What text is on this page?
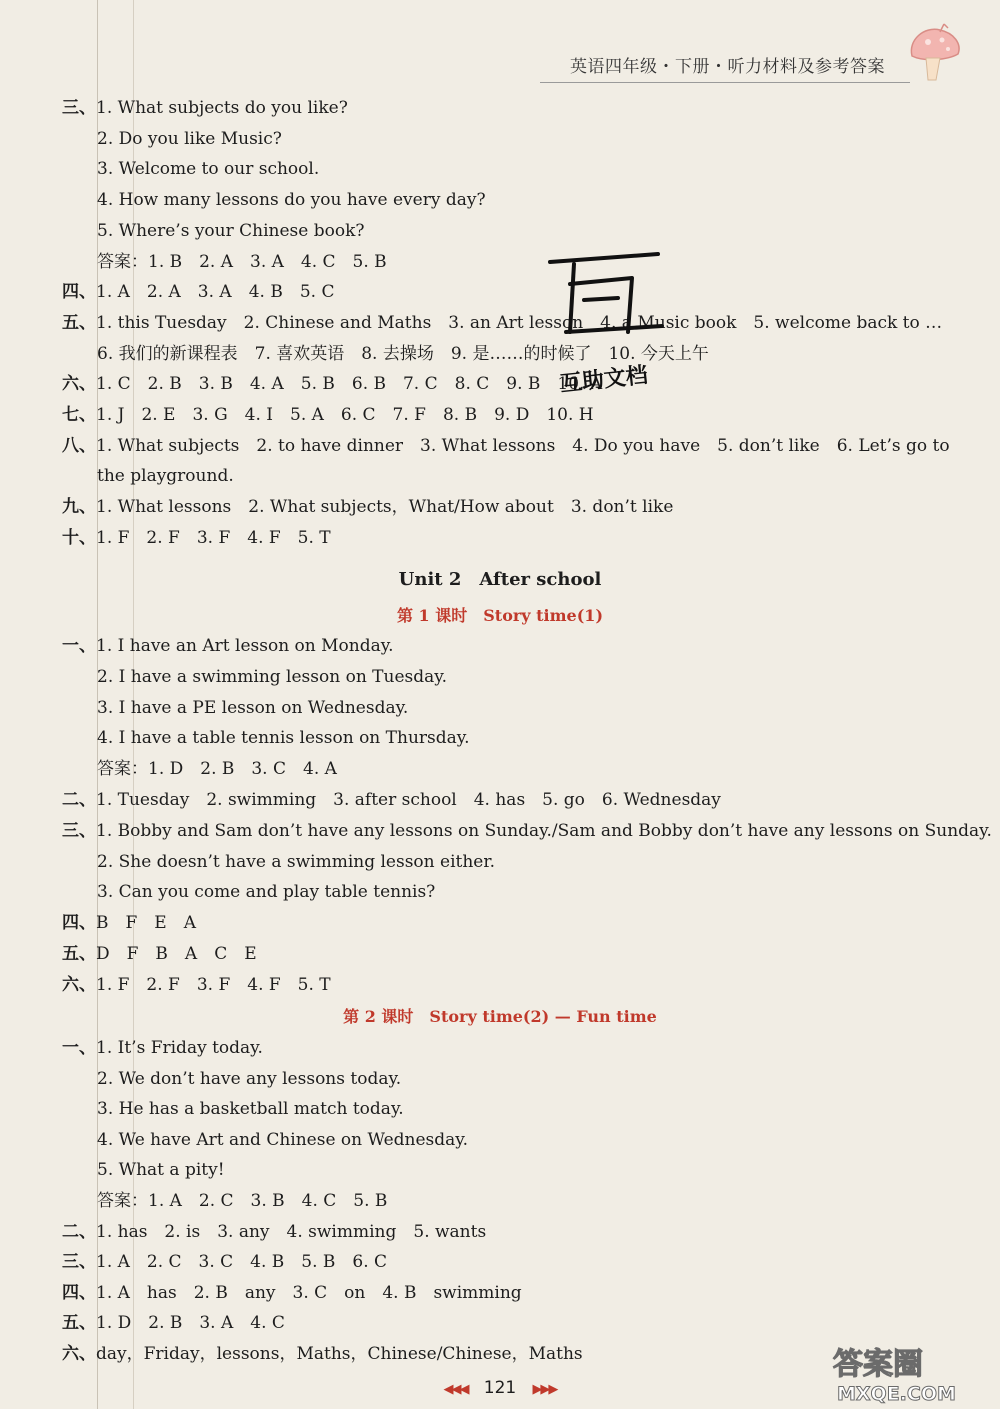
英语四年级・下册・听力材料及参考答案
三、1. What subjects do you like?
2. Do you like Music?
3. Welcome to our school.
4. How many lessons do you have every day?
5. Where’s your Chinese book?
答案：1. B　2. A　3. A　4. C　5. B
四、1. A　2. A　3. A　4. B　5. C
五、1. this Tuesday　2. Chinese and Maths　3. an Art lesson　4. a Music book　5. welcome back to …
6. 我们的新课程表　7. 喜欢英语　8. 去操场　9. 是……的时候了　10. 今天上午
六、1. C　2. B　3. B　4. A　5. B　6. B　7. C　8. C　9. B　10. A
七、1. J　2. E　3. G　4. I　5. A　6. C　7. F　8. B　9. D　10. H
八、1. What subjects　2. to have dinner　3. What lessons　4. Do you have　5. don’t like　6. Let’s go to
the playground.
九、1. What lessons　2. What subjects，What/How about　3. don’t like
十、1. F　2. F　3. F　4. F　5. T
Unit 2　After school
第 1 课时　Story time(1)
一、1. I have an Art lesson on Monday.
2. I have a swimming lesson on Tuesday.
3. I have a PE lesson on Wednesday.
4. I have a table tennis lesson on Thursday.
答案：1. D　2. B　3. C　4. A
二、1. Tuesday　2. swimming　3. after school　4. has　5. go　6. Wednesday
三、1. Bobby and Sam don’t have any lessons on Sunday./Sam and Bobby don’t have any lessons on Sunday.
2. She doesn’t have a swimming lesson either.
3. Can you come and play table tennis?
四、B　F　E　A
五、D　F　B　A　C　E
六、1. F　2. F　3. F　4. F　5. T
第 2 课时　Story time(2) — Fun time
一、1. It’s Friday today.
2. We don’t have any lessons today.
3. He has a basketball match today.
4. We have Art and Chinese on Wednesday.
5. What a pity!
答案：1. A　2. C　3. B　4. C　5. B
二、1. has　2. is　3. any　4. swimming　5. wants
三、1. A　2. C　3. C　4. B　5. B　6. C
四、1. A　has　2. B　any　3. C　on　4. B　swimming
五、1. D　2. B　3. A　4. C
六、day，Friday，lessons，Maths，Chinese/Chinese，Maths
互助文档
◀◀◀ 121 ▶▶▶
答案圈
MXQE.COM
